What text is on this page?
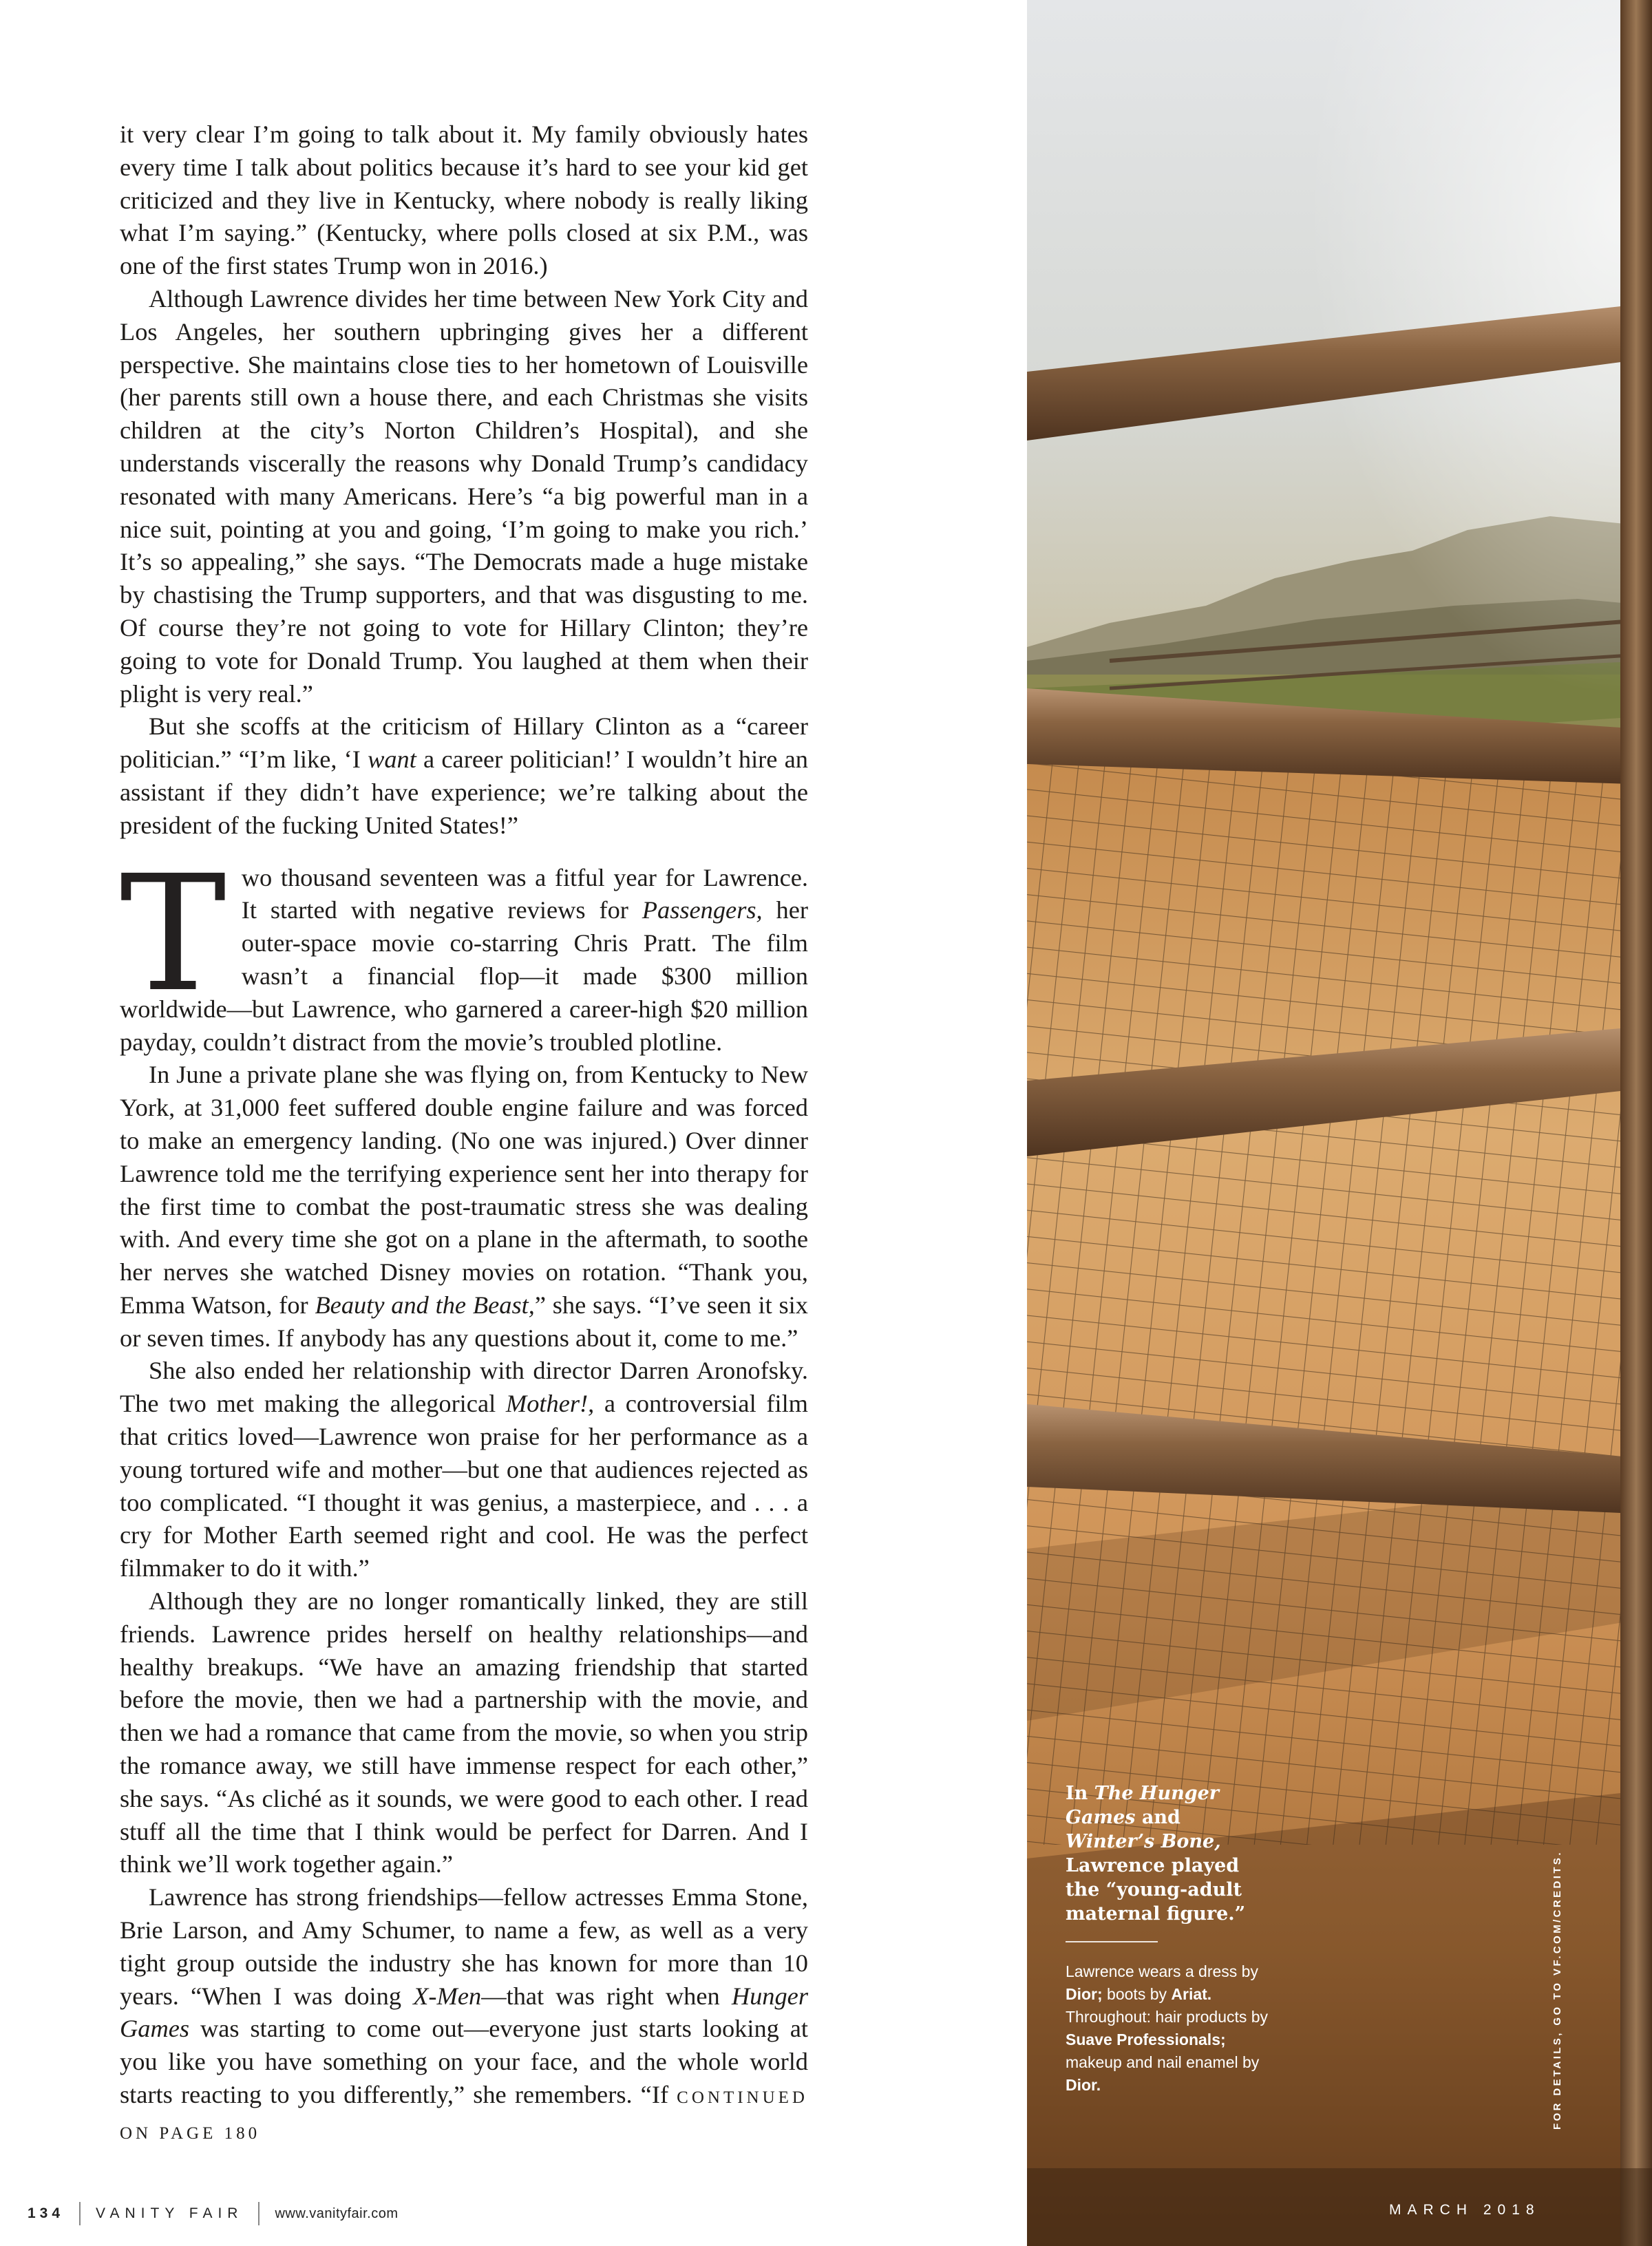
it very clear I’m going to talk about it. My family obviously hates every time I talk about politics because it’s hard to see your kid get criticized and they live in Kentucky, where nobody is really liking what I’m saying.” (Kentucky, where polls closed at six P.M., was one of the first states Trump won in 2016.)

Although Lawrence divides her time between New York City and Los Angeles, her southern upbringing gives her a different perspective. She maintains close ties to her hometown of Louisville (her parents still own a house there, and each Christmas she visits children at the city’s Norton Children’s Hospital), and she understands viscerally the reasons why Donald Trump’s candidacy resonated with many Americans. Here’s “a big powerful man in a nice suit, pointing at you and going, ‘I’m going to make you rich.’ It’s so appealing,” she says. “The Democrats made a huge mistake by chastising the Trump supporters, and that was disgusting to me. Of course they’re not going to vote for Hillary Clinton; they’re going to vote for Donald Trump. You laughed at them when their plight is very real.”

But she scoffs at the criticism of Hillary Clinton as a “career politician.” “I’m like, ‘I want a career politician!’ I wouldn’t hire an assistant if they didn’t have experience; we’re talking about the president of the fucking United States!”

Two thousand seventeen was a fitful year for Lawrence. It started with negative reviews for Passengers, her outer-space movie co-starring Chris Pratt. The film wasn’t a financial flop—it made $300 million worldwide—but Lawrence, who garnered a career-high $20 million payday, couldn’t distract from the movie’s troubled plotline.

In June a private plane she was flying on, from Kentucky to New York, at 31,000 feet suffered double engine failure and was forced to make an emergency landing. (No one was injured.) Over dinner Lawrence told me the terrifying experience sent her into therapy for the first time to combat the post-traumatic stress she was dealing with. And every time she got on a plane in the aftermath, to soothe her nerves she watched Disney movies on rotation. “Thank you, Emma Watson, for Beauty and the Beast,” she says. “I’ve seen it six or seven times. If anybody has any questions about it, come to me.”

She also ended her relationship with director Darren Aronofsky. The two met making the allegorical Mother!, a controversial film that critics loved—Lawrence won praise for her performance as a young tortured wife and mother—but one that audiences rejected as too complicated. “I thought it was genius, a masterpiece, and . . . a cry for Mother Earth seemed right and cool. He was the perfect filmmaker to do it with.”

Although they are no longer romantically linked, they are still friends. Lawrence prides herself on healthy relationships—and healthy breakups. “We have an amazing friendship that started before the movie, then we had a partnership with the movie, and then we had a romance that came from the movie, so when you strip the romance away, we still have immense respect for each other,” she says. “As cliché as it sounds, we were good to each other. I read stuff all the time that I think would be perfect for Darren. And I think we’ll work together again.”

Lawrence has strong friendships—fellow actresses Emma Stone, Brie Larson, and Amy Schumer, to name a few, as well as a very tight group outside the industry she has known for more than 10 years. “When I was doing X-Men—that was right when Hunger Games was starting to come out—everyone just starts looking at you like you have something on your face, and the whole world starts reacting to you differently,” she remembers. “If CONTINUED ON PAGE 180

134 VANITY FAIR www.vanityfair.com
In The Hunger Games and Winter’s Bone, Lawrence played the “young-adult maternal figure.”
Lawrence wears a dress by Dior; boots by Ariat. Throughout: hair products by Suave Professionals; makeup and nail enamel by Dior.	FOR DETAILS, GO TO VF.COM/CREDITS.
MARCH 2018
